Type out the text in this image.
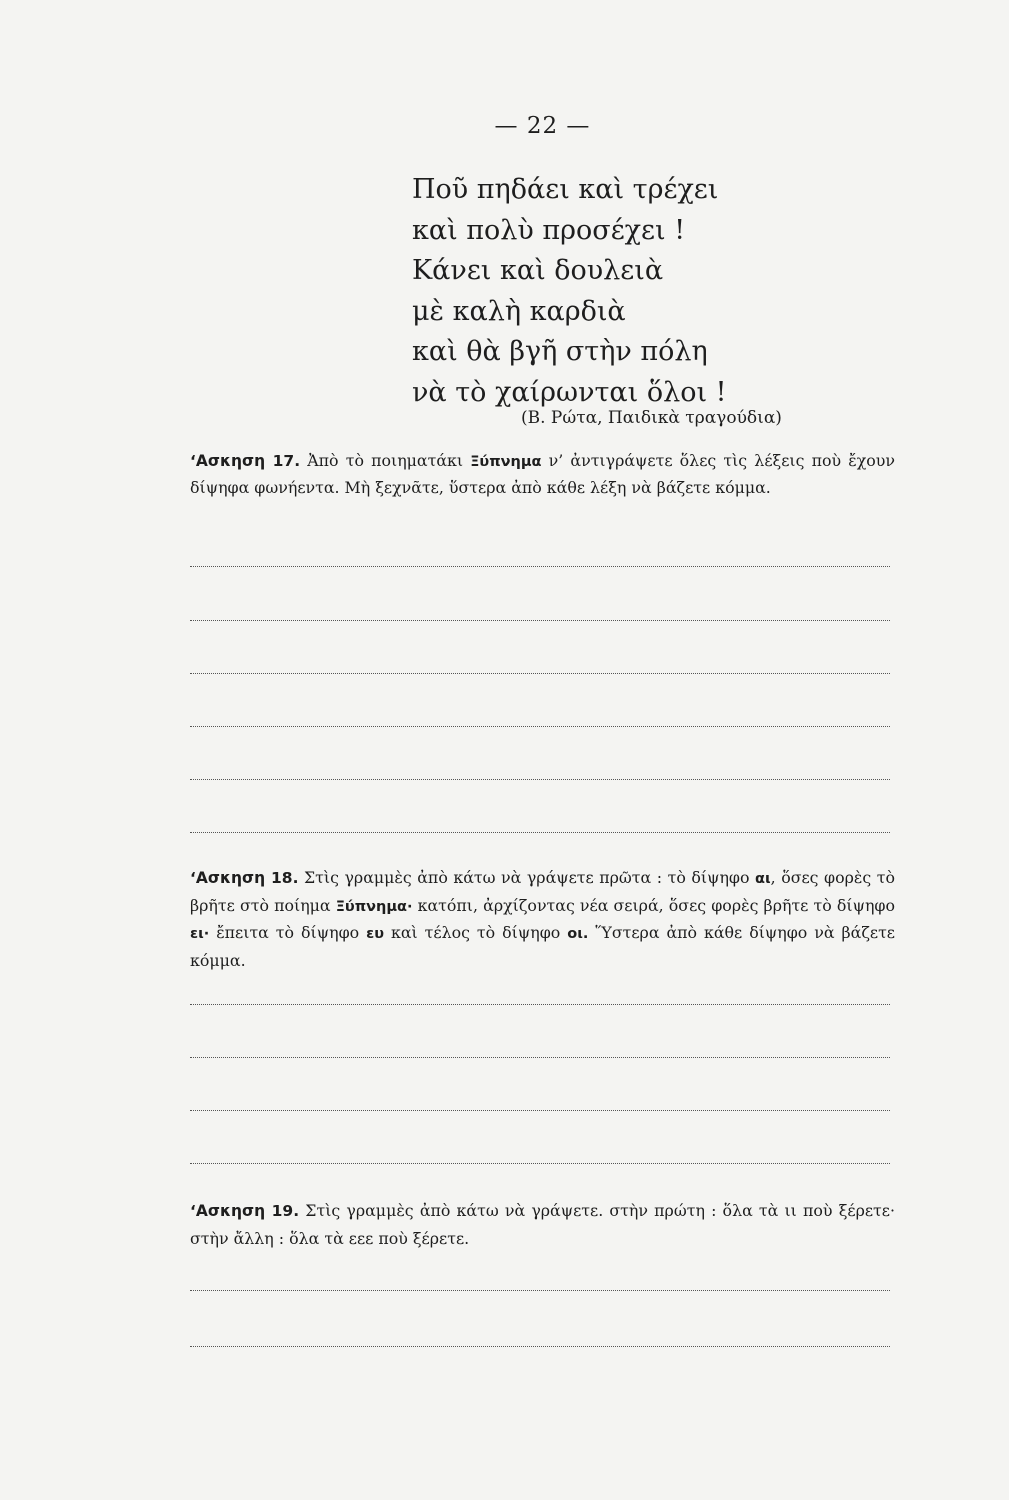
— 22 —
Ποῦ πηδάει καὶ τρέχει
καὶ πολὺ προσέχει !
Κάνει καὶ δουλειὰ
μὲ καλὴ καρδιὰ
καὶ θὰ βγῆ στὴν πόλη
νὰ τὸ χαίρωνται ὅλοι !
(Β. Ρώτα, Παιδικὰ τραγούδια)
‘ Ασκηση 17. Ἀπὸ τὸ ποιηματάκι Ξύπνημα ν’ ἀντιγράψετε ὅλες τὶς λέξεις ποὺ ἔχουν δίψηφα φωνήεντα. Μὴ ξεχνᾶτε, ὕστερα ἀπὸ κάθε λέξη νὰ βάζετε κόμμα.
‘ Ασκηση 18. Στὶς γραμμὲς ἀπὸ κάτω νὰ γράψετε πρῶτα : τὸ δίψηφο αι, ὅσες φορὲς τὸ βρῆτε στὸ ποίημα Ξύπνημα· κατόπι, ἀρχίζοντας νέα σειρά, ὅσες φορὲς βρῆτε τὸ δίψηφο ει· ἔπειτα τὸ δίψηφο ευ καὶ τέλος τὸ δίψηφο οι. Ὕστερα ἀπὸ κάθε δίψηφο νὰ βάζετε κόμμα.
‘ Ασκηση 19. Στὶς γραμμὲς ἀπὸ κάτω νὰ γράψετε. στὴν πρώτη : ὅλα τὰ ιι ποὺ ξέρετε· στὴν ἄλλη : ὅλα τὰ εεε ποὺ ξέρετε.
